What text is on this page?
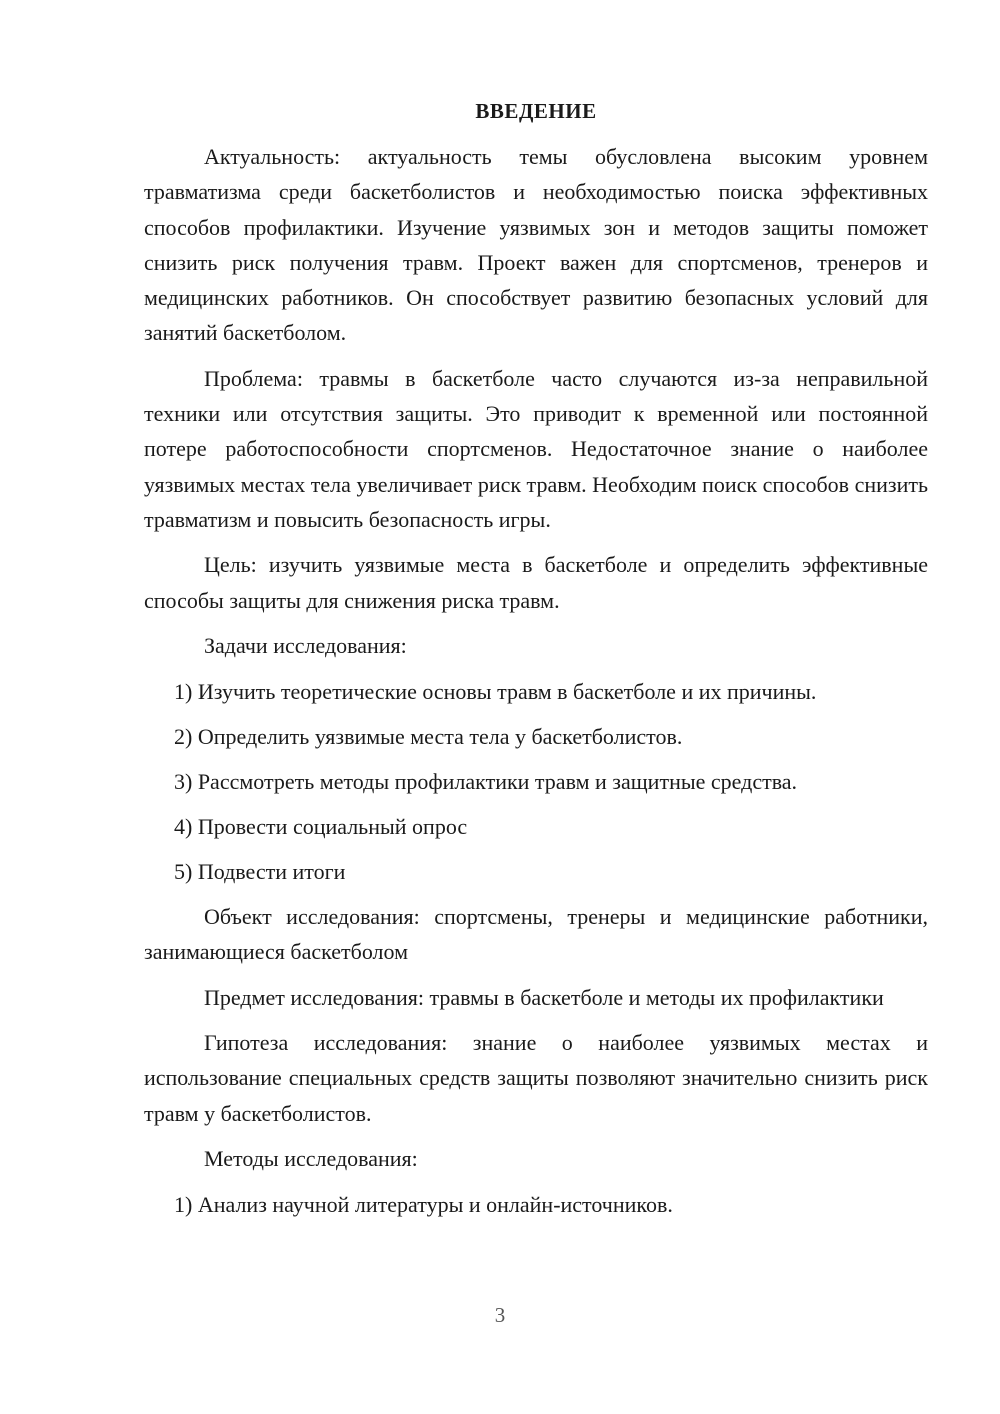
ВВЕДЕНИЕ

Актуальность: актуальность темы обусловлена высоким уровнем травматизма среди баскетболистов и необходимостью поиска эффективных способов профилактики. Изучение уязвимых зон и методов защиты поможет снизить риск получения травм. Проект важен для спортсменов, тренеров и медицинских работников. Он способствует развитию безопасных условий для занятий баскетболом.

Проблема: травмы в баскетболе часто случаются из-за неправильной техники или отсутствия защиты. Это приводит к временной или постоянной потере работоспособности спортсменов. Недостаточное знание о наиболее уязвимых местах тела увеличивает риск травм. Необходим поиск способов снизить травматизм и повысить безопасность игры.

Цель: изучить уязвимые места в баскетболе и определить эффективные способы защиты для снижения риска травм.

Задачи исследования:

1) Изучить теоретические основы травм в баскетболе и их причины.
2) Определить уязвимые места тела у баскетболистов.
3) Рассмотреть методы профилактики травм и защитные средства.
4) Провести социальный опрос
5) Подвести итоги

Объект исследования: спортсмены, тренеры и медицинские работники, занимающиеся баскетболом

Предмет исследования: травмы в баскетболе и методы их профилактики

Гипотеза исследования: знание о наиболее уязвимых местах и использование специальных средств защиты позволяют значительно снизить риск травм у баскетболистов.

Методы исследования:

1) Анализ научной литературы и онлайн-источников.
3
